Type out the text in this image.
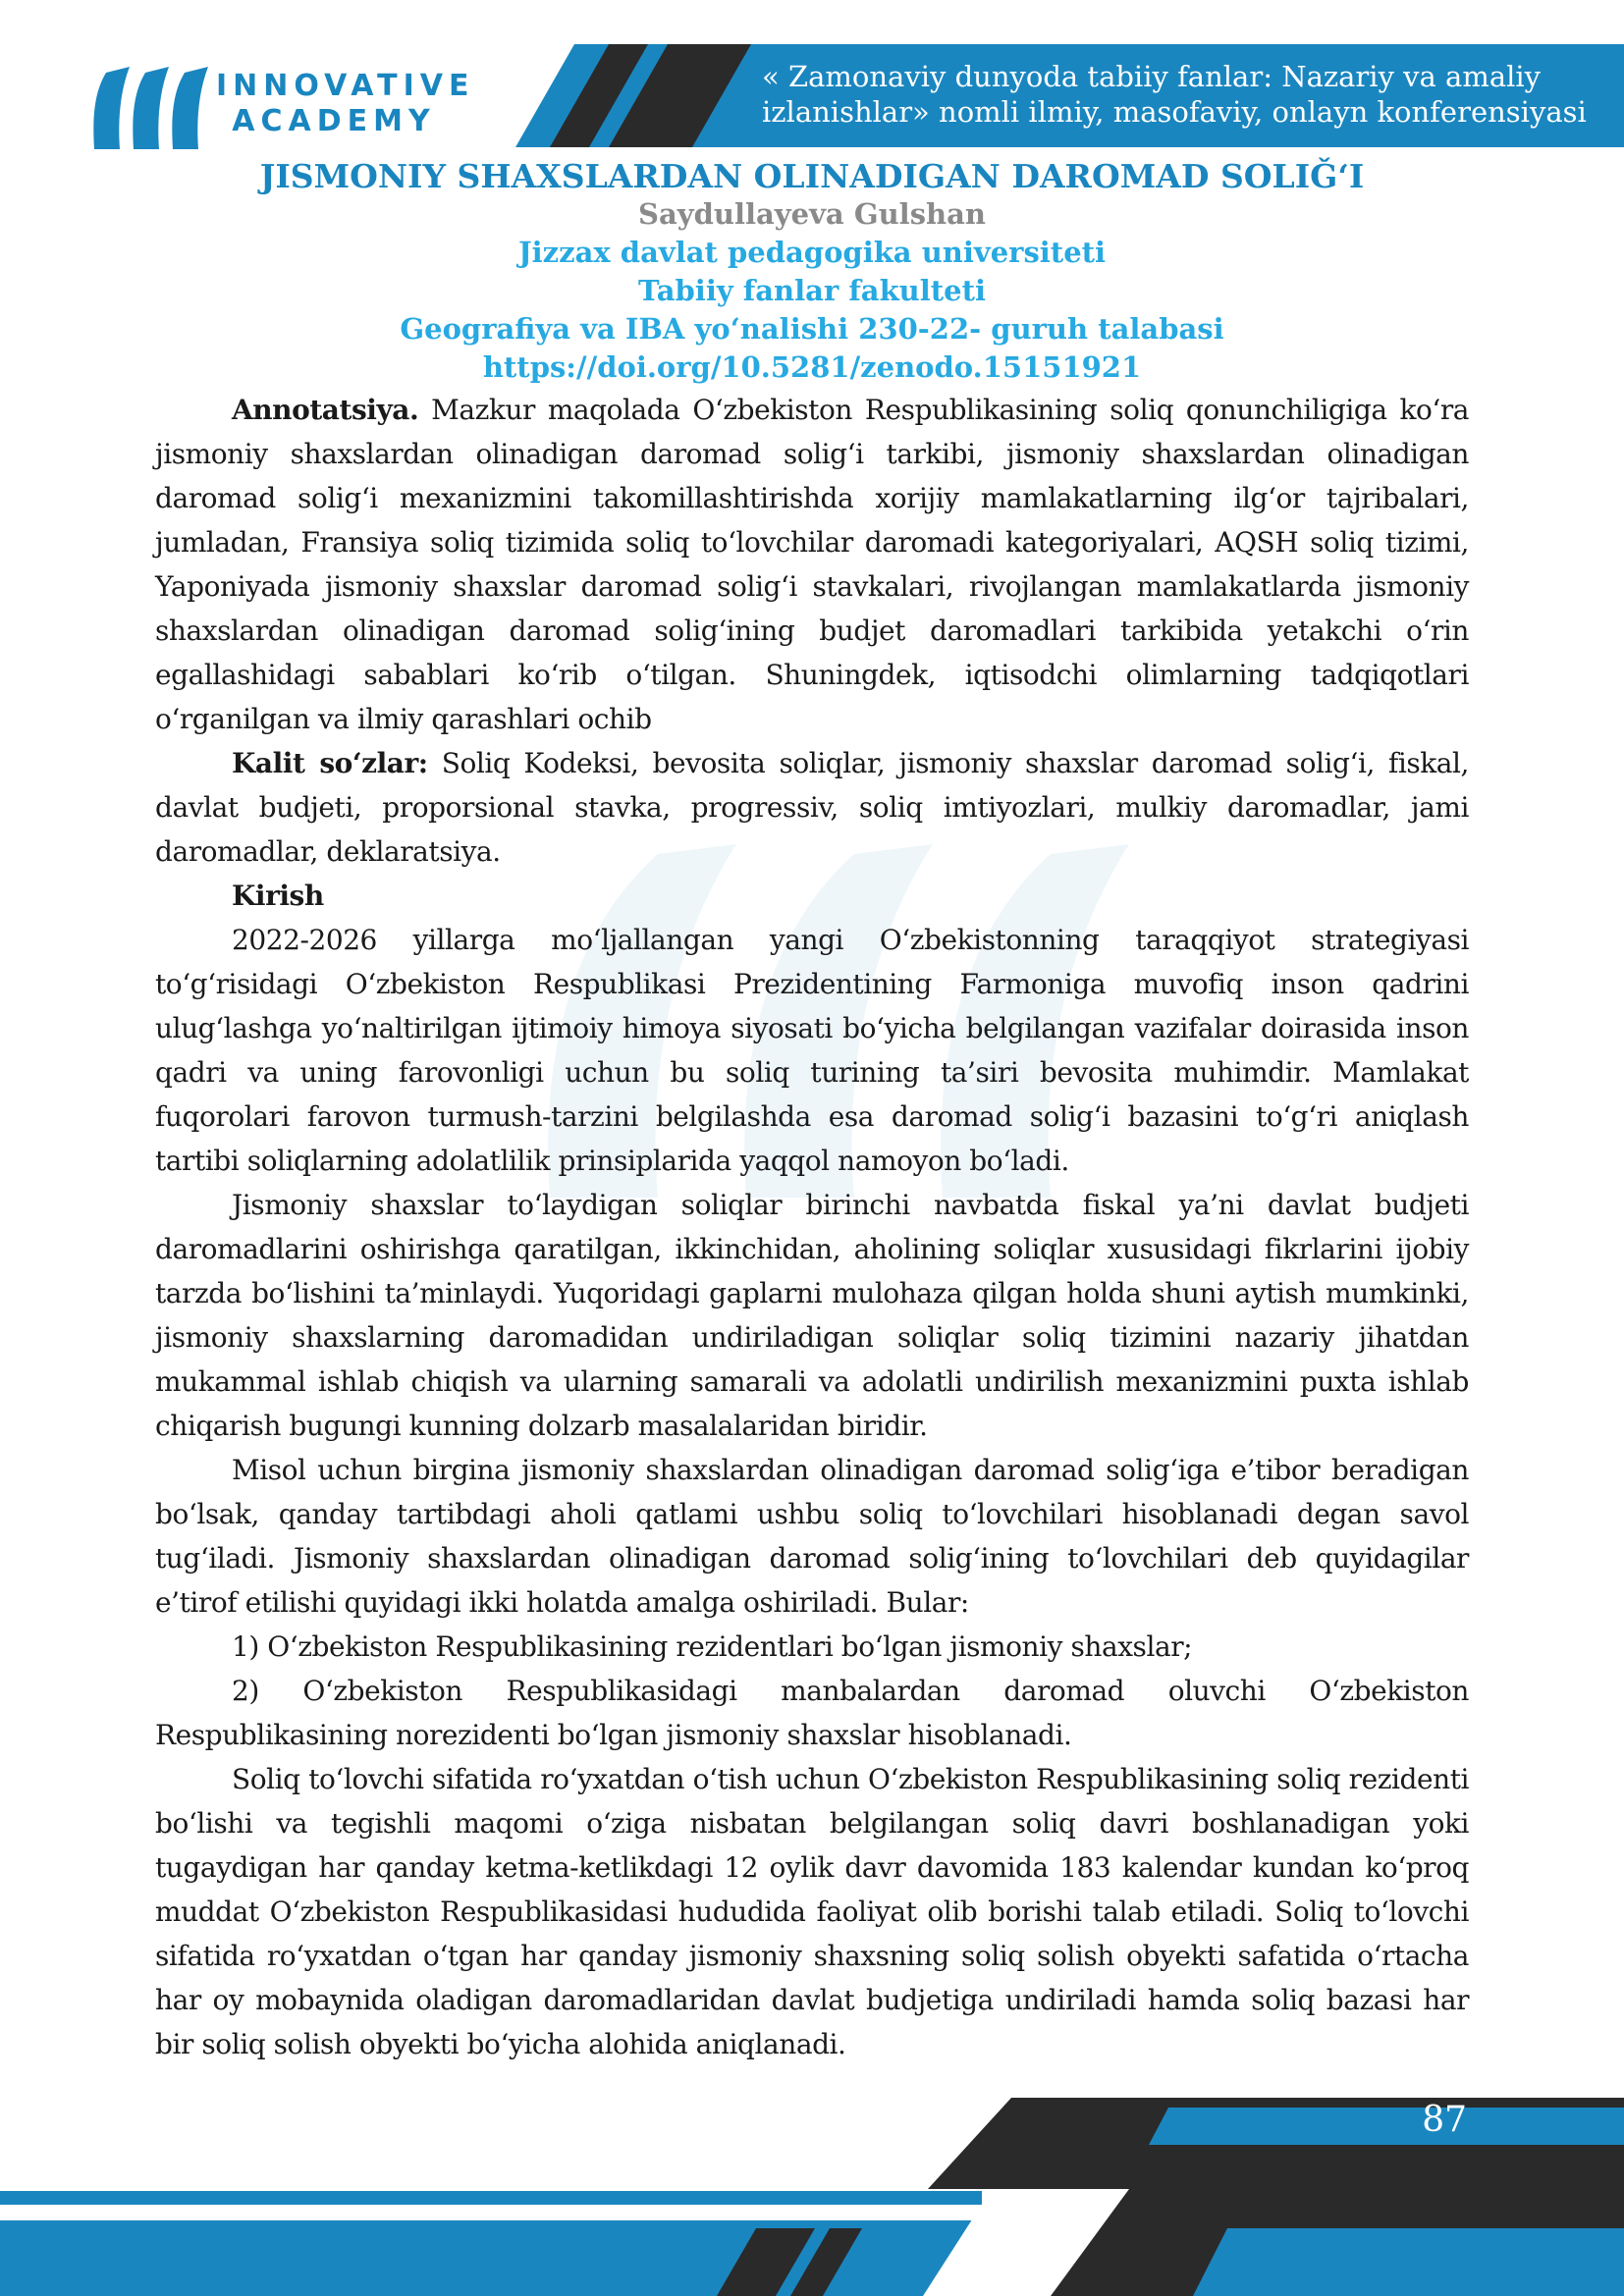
INNOVATIVE
ACADEMY
« Zamonaviy dunyoda tabiiy fanlar: Nazariy va amaliy
izlanishlar» nomli ilmiy, masofaviy, onlayn konferensiyasi
JISMONIY SHAXSLARDAN OLINADIGAN DAROMAD SOLIǦ‘I
Saydullayeva Gulshan
Jizzax davlat pedagogika universiteti
Tabiiy fanlar fakulteti
Geografiya va IBA yo‘nalishi 230-22- guruh talabasi
https://doi.org/10.5281/zenodo.15151921

Annotatsiya. Mazkur maqolada O‘zbekiston Respublikasining soliq qonunchiligiga ko‘ra jismoniy shaxslardan olinadigan daromad solig‘i tarkibi, jismoniy shaxslardan olinadigan daromad solig‘i mexanizmini takomillashtirishda xorijiy mamlakatlarning ilg‘or tajribalari, jumladan, Fransiya soliq tizimida soliq to‘lovchilar daromadi kategoriyalari, AQSH soliq tizimi, Yaponiyada jismoniy shaxslar daromad solig‘i stavkalari, rivojlangan mamlakatlarda jismoniy shaxslardan olinadigan daromad solig‘ining budjet daromadlari tarkibida yetakchi o‘rin egallashidagi sabablari ko‘rib o‘tilgan. Shuningdek, iqtisodchi olimlarning tadqiqotlari o‘rganilgan va ilmiy qarashlari ochib

Kalit so‘zlar: Soliq Kodeksi, bevosita soliqlar, jismoniy shaxslar daromad solig‘i, fiskal, davlat budjeti, proporsional stavka, progressiv, soliq imtiyozlari, mulkiy daromadlar, jami daromadlar, deklaratsiya.

Kirish

2022-2026 yillarga mo‘ljallangan yangi O‘zbekistonning taraqqiyot strategiyasi to‘g‘risidagi O‘zbekiston Respublikasi Prezidentining Farmoniga muvofiq inson qadrini ulug‘lashga yo‘naltirilgan ijtimoiy himoya siyosati bo‘yicha belgilangan vazifalar doirasida inson qadri va uning farovonligi uchun bu soliq turining ta’siri bevosita muhimdir. Mamlakat fuqorolari farovon turmush-tarzini belgilashda esa daromad solig‘i bazasini to‘g‘ri aniqlash tartibi soliqlarning adolatlilik prinsiplarida yaqqol namoyon bo‘ladi.

Jismoniy shaxslar to‘laydigan soliqlar birinchi navbatda fiskal ya’ni davlat budjeti daromadlarini oshirishga qaratilgan, ikkinchidan, aholining soliqlar xususidagi fikrlarini ijobiy tarzda bo‘lishini ta’minlaydi. Yuqoridagi gaplarni mulohaza qilgan holda shuni aytish mumkinki, jismoniy shaxslarning daromadidan undiriladigan soliqlar soliq tizimini nazariy jihatdan mukammal ishlab chiqish va ularning samarali va adolatli undirilish mexanizmini puxta ishlab chiqarish bugungi kunning dolzarb masalalaridan biridir.

Misol uchun birgina jismoniy shaxslardan olinadigan daromad solig‘iga e’tibor beradigan bo‘lsak, qanday tartibdagi aholi qatlami ushbu soliq to‘lovchilari hisoblanadi degan savol tug‘iladi. Jismoniy shaxslardan olinadigan daromad solig‘ining to‘lovchilari deb quyidagilar e’tirof etilishi quyidagi ikki holatda amalga oshiriladi. Bular:

1) O‘zbekiston Respublikasining rezidentlari bo‘lgan jismoniy shaxslar;

2) O‘zbekiston Respublikasidagi manbalardan daromad oluvchi O‘zbekiston Respublikasining norezidenti bo‘lgan jismoniy shaxslar hisoblanadi.

Soliq to‘lovchi sifatida ro‘yxatdan o‘tish uchun O‘zbekiston Respublikasining soliq rezidenti bo‘lishi va tegishli maqomi o‘ziga nisbatan belgilangan soliq davri boshlanadigan yoki tugaydigan har qanday ketma-ketlikdagi 12 oylik davr davomida 183 kalendar kundan ko‘proq muddat O‘zbekiston Respublikasidasi hududida faoliyat olib borishi talab etiladi. Soliq to‘lovchi sifatida ro‘yxatdan o‘tgan har qanday jismoniy shaxsning soliq solish obyekti safatida o‘rtacha har oy mobaynida oladigan daromadlaridan davlat budjetiga undiriladi hamda soliq bazasi har bir soliq solish obyekti bo‘yicha alohida aniqlanadi.

87
